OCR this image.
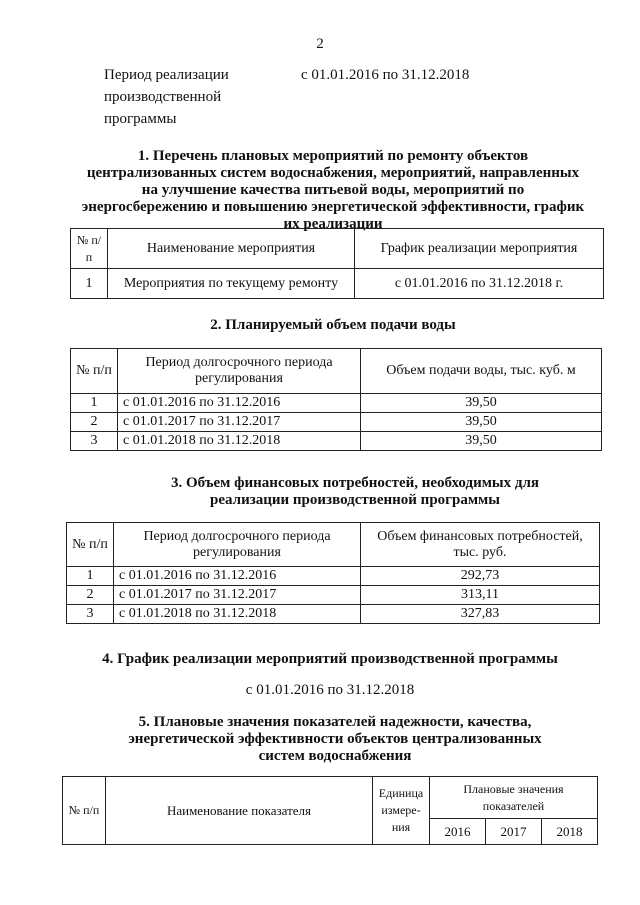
2
Период реализации производственной программы
с 01.01.2016 по 31.12.2018
1. Перечень плановых мероприятий по ремонту объектов централизованных систем водоснабжения, мероприятий, направленных на улучшение качества питьевой воды, мероприятий по энергосбережению и повышению энергетической эффективности, график их реализации
№ п/п	Наименование мероприятия	График реализации мероприятия
1	Мероприятия по текущему ремонту	с 01.01.2016 по 31.12.2018 г.
2. Планируемый объем подачи воды
№ п/п	Период долгосрочного периода регулирования	Объем подачи воды, тыс. куб. м
1	с 01.01.2016 по 31.12.2016	39,50
2	с 01.01.2017 по 31.12.2017	39,50
3	с 01.01.2018 по 31.12.2018	39,50
3. Объем финансовых потребностей, необходимых для реализации производственной программы
№ п/п	Период долгосрочного периода регулирования	Объем финансовых потребностей, тыс. руб.
1	с 01.01.2016 по 31.12.2016	292,73
2	с 01.01.2017 по 31.12.2017	313,11
3	с 01.01.2018 по 31.12.2018	327,83
4. График реализации мероприятий производственной программы
с 01.01.2016 по 31.12.2018
5. Плановые значения показателей надежности, качества, энергетической эффективности объектов централизованных систем водоснабжения
№ п/п	Наименование показателя	Единица измере-ния	Плановые значения показателей		
			2016	2017	2018
